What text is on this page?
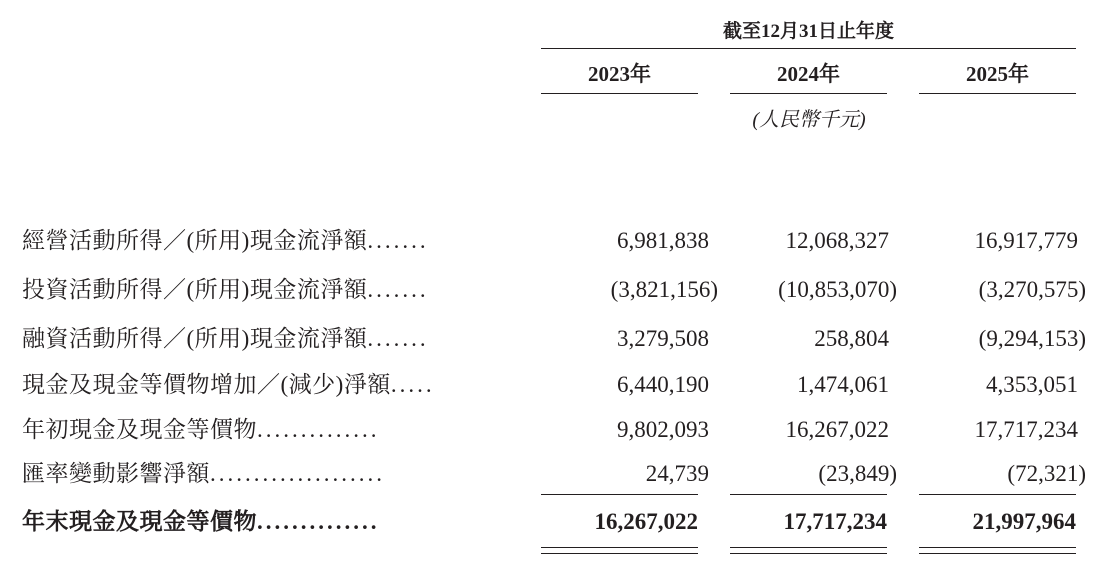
截至12月31日止年度
2023年	2024年	2025年
(人民幣千元)
經營活動所得／(所用)現金流淨額.......	6,981,838	12,068,327	16,917,779
投資活動所得／(所用)現金流淨額.......	(3,821,156)	(10,853,070)	(3,270,575)
融資活動所得／(所用)現金流淨額.......	3,279,508	258,804	(9,294,153)
現金及現金等價物增加／(減少)淨額.....	6,440,190	1,474,061	4,353,051
年初現金及現金等價物..............	9,802,093	16,267,022	17,717,234
匯率變動影響淨額....................	24,739	(23,849)	(72,321)
年末現金及現金等價物..............	16,267,022	17,717,234	21,997,964
